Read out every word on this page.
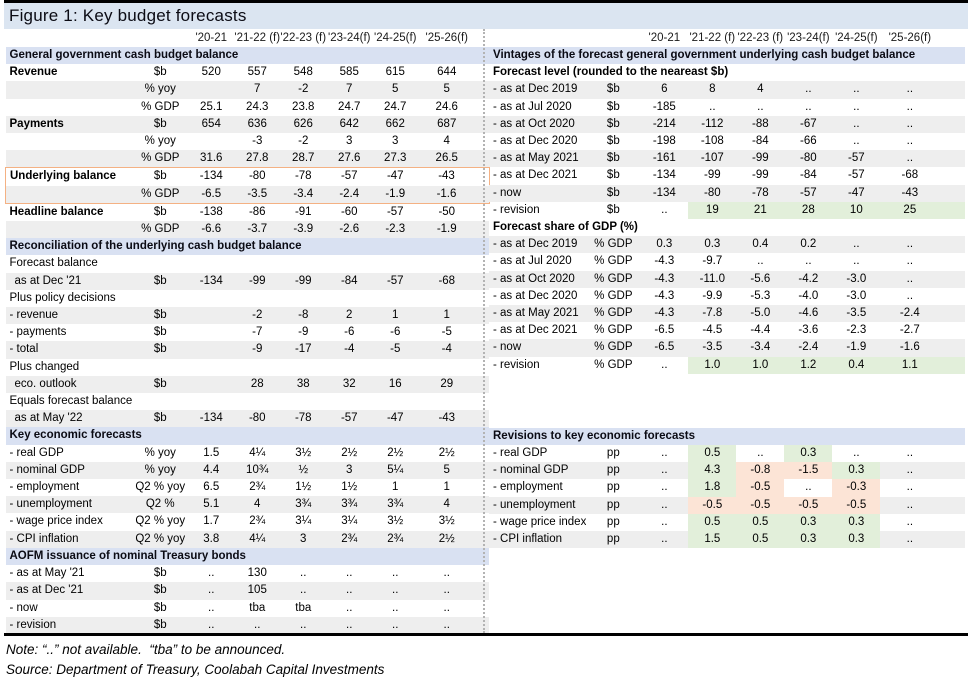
Figure 1: Key budget forecasts
		'20-21	'21-22 (f)	'22-23 (f)	'23-24(f)	'24-25(f)	'25-26(f)
General government cash budget balance							
Revenue	$b	520	557	548	585	615	644
	% yoy		7	-2	7	5	5
	% GDP	25.1	24.3	23.8	24.7	24.7	24.6
Payments	$b	654	636	626	642	662	687
	% yoy		-3	-2	3	3	4
	% GDP	31.6	27.8	28.7	27.6	27.3	26.5
Underlying balance	$b	-134	-80	-78	-57	-47	-43
	% GDP	-6.5	-3.5	-3.4	-2.4	-1.9	-1.6
Headline balance	$b	-138	-86	-91	-60	-57	-50
	% GDP	-6.6	-3.7	-3.9	-2.6	-2.3	-1.9
Reconciliation of the underlying cash budget balance							
Forecast balance							
as at Dec '21	$b	-134	-99	-99	-84	-57	-68
Plus policy decisions							
- revenue	$b		-2	-8	2	1	1
- payments	$b		-7	-9	-6	-6	-5
- total	$b		-9	-17	-4	-5	-4
Plus changed							
eco. outlook	$b		28	38	32	16	29
Equals forecast balance							
as at May '22	$b	-134	-80	-78	-57	-47	-43
Key economic forecasts							
- real GDP	% yoy	1.5	4¼	3½	2½	2½	2½
- nominal GDP	% yoy	4.4	10¾	½	3	5¼	5
- employment	Q2 % yoy	6.5	2¾	1½	1½	1	1
- unemployment	Q2 %	5.1	4	3¾	3¾	3¾	4
- wage price index	Q2 % yoy	1.7	2¾	3¼	3¼	3½	3½
- CPI inflation	Q2 % yoy	3.8	4¼	3	2¾	2¾	2½
AOFM issuance of nominal Treasury bonds							
- as at May '21	$b	..	130	..	..	..	..
- as at Dec '21	$b	..	105	..	..	..	..
- now	$b	..	tba	tba	..	..	..
- revision	$b	..	..	..	..	..	..
		'20-21	'21-22 (f)	'22-23 (f)	'23-24(f)	'24-25(f)	'25-26(f)
Vintages of the forecast general government underlying cash budget balance							
Forecast level (rounded to the neareast $b)							
- as at Dec 2019	$b	6	8	4	..	..	..
- as at Jul 2020	$b	-185	..	..	..	..	..
- as at Oct 2020	$b	-214	-112	-88	-67	..	..
- as at Dec 2020	$b	-198	-108	-84	-66	..	..
- as at May 2021	$b	-161	-107	-99	-80	-57	..
- as at Dec 2021	$b	-134	-99	-99	-84	-57	-68
- now	$b	-134	-80	-78	-57	-47	-43
- revision	$b	..	19	21	28	10	25
Forecast share of GDP (%)							
- as at Dec 2019	% GDP	0.3	0.3	0.4	0.2	..	..
- as at Jul 2020	% GDP	-4.3	-9.7	..	..	..	..
- as at Oct 2020	% GDP	-4.3	-11.0	-5.6	-4.2	-3.0	..
- as at Dec 2020	% GDP	-4.3	-9.9	-5.3	-4.0	-3.0	..
- as at May 2021	% GDP	-4.3	-7.8	-5.0	-4.6	-3.5	-2.4
- as at Dec 2021	% GDP	-6.5	-4.5	-4.4	-3.6	-2.3	-2.7
- now	% GDP	-6.5	-3.5	-3.4	-2.4	-1.9	-1.6
- revision	% GDP	..	1.0	1.0	1.2	0.4	1.1

Revisions to key economic forecasts							
- real GDP	pp	..	0.5	..	0.3	..	..
- nominal GDP	pp	..	4.3	-0.8	-1.5	0.3	..
- employment	pp	..	1.8	-0.5	..	-0.3	..
- unemployment	pp	..	-0.5	-0.5	-0.5	-0.5	..
- wage price index	pp	..	0.5	0.5	0.3	0.3	..
- CPI inflation	pp	..	1.5	0.5	0.3	0.3	..
Note: “..” not available.  “tba” to be announced.
Source: Department of Treasury, Coolabah Capital Investments
